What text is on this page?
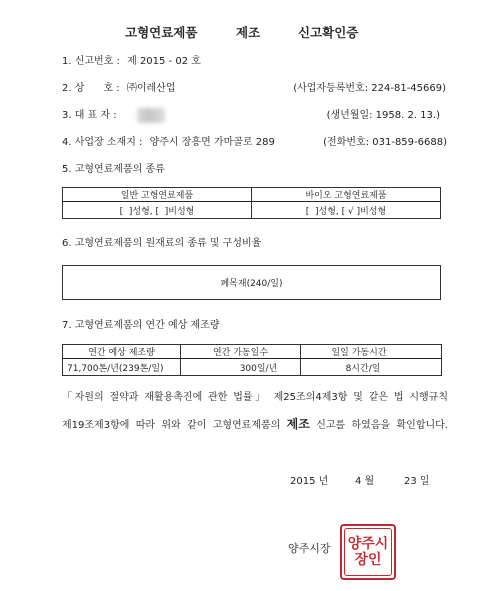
고형연료제품	제조	신고확인증
1. 신고번호 : 제 2015 - 02 호
2. 상      호 : ㈜이레산업	(사업자등록번호: 224-81-45669)
3. 대 표 자 :	(생년월일: 1958. 2. 13.)
4. 사업장 소재지 : 양주시 장흥면 가마골로 289	(전화번호: 031-859-6688)
5. 고형연료제품의 종류
일반 고형연료제품	바이오 고형연료제품
[  ]성형, [  ]비성형	[  ]성형, [ √ ]비성형
6. 고형연료제품의 원재료의 종류 및 구성비율
폐목재(240/일)
7. 고형연료제품의 연간 예상 제조량
연간 예상 제조량	연간 가동일수	일일 가동시간
71,700톤/년(239톤/일)	300일/년	8시간/일
「자원의 절약과 재활용촉진에 관한 법률」 제25조의4제3항 및 같은 법 시행규칙
제19조제3항에 따라 위와 같이 고형연료제품의 제조 신고를 하였음을 확인합니다.
2015 년	4 월	23 일
양주시장 양주시장인
